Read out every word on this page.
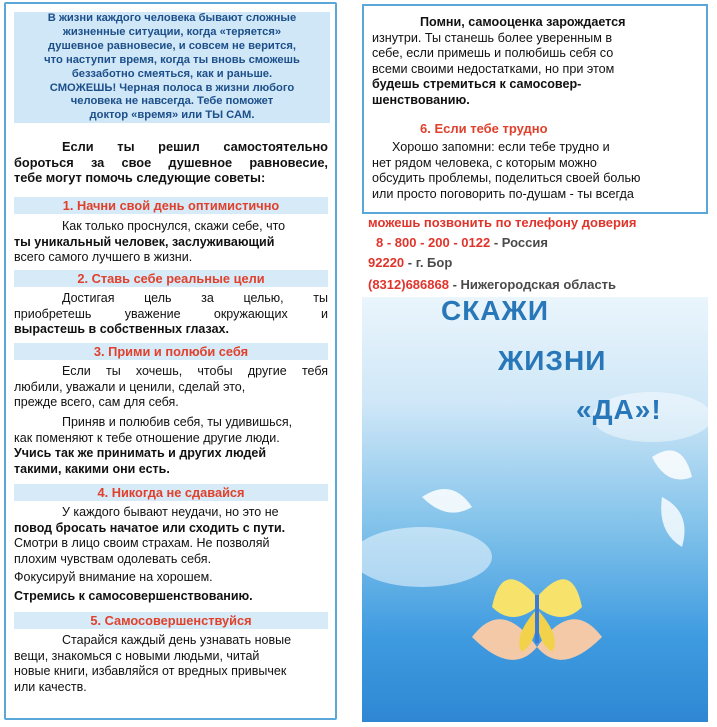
В жизни каждого человека бывают сложные
жизненные ситуации, когда «теряется»
душевное равновесие, и совсем не верится,
что наступит время, когда ты вновь сможешь
беззаботно смеяться, как и раньше.
СМОЖЕШЬ! Черная полоса в жизни любого
человека не навсегда. Тебе поможет
доктор «время» или ТЫ САМ.
Если ты решил самостоятельно
бороться за свое душевное равновесие,
тебе могут помочь следующие советы:
1. Начни свой день оптимистично
Как только проснулся, скажи себе, что
ты уникальный человек, заслуживающий
всего самого лучшего в жизни.
2. Ставь себе реальные цели
Достигая цель за целью, ты
приобретешь уважение окружающих и
вырастешь в собственных глазах.
3. Прими и полюби себя
Если ты хочешь, чтобы другие тебя
любили, уважали и ценили, сделай это,
прежде всего, сам для себя.
Приняв и полюбив себя, ты удивишься,
как поменяют к тебе отношение другие люди.
Учись так же принимать и других людей
такими, какими они есть.
4. Никогда не сдавайся
У каждого бывают неудачи, но это не
повод бросать начатое или сходить с пути.
Смотри в лицо своим страхам. Не позволяй
плохим чувствам одолевать себя.
Фокусируй внимание на хорошем.
Стремись к самосовершенствованию.
5. Самосовершенствуйся
Старайся каждый день узнавать новые
вещи, знакомься с новыми людьми, читай
новые книги, избавляйся от вредных привычек
или качеств.
Помни, самооценка зарождается
изнутри. Ты станешь более уверенным в
себе, если примешь и полюбишь себя со
всеми своими недостатками, но при этом
будешь стремиться к самосовер-
шенствованию.
6. Если тебе трудно
Хорошо запомни: если тебе трудно и
нет рядом человека, с которым можно
обсудить проблемы, поделиться своей болью
или просто поговорить по-душам - ты всегда
можешь позвонить по телефону доверия
8 - 800 - 200 - 0122 - Россия
92220 - г. Бор
(8312)686868 - Нижегородская область
СКАЖИ
ЖИЗНИ
«ДА»!
